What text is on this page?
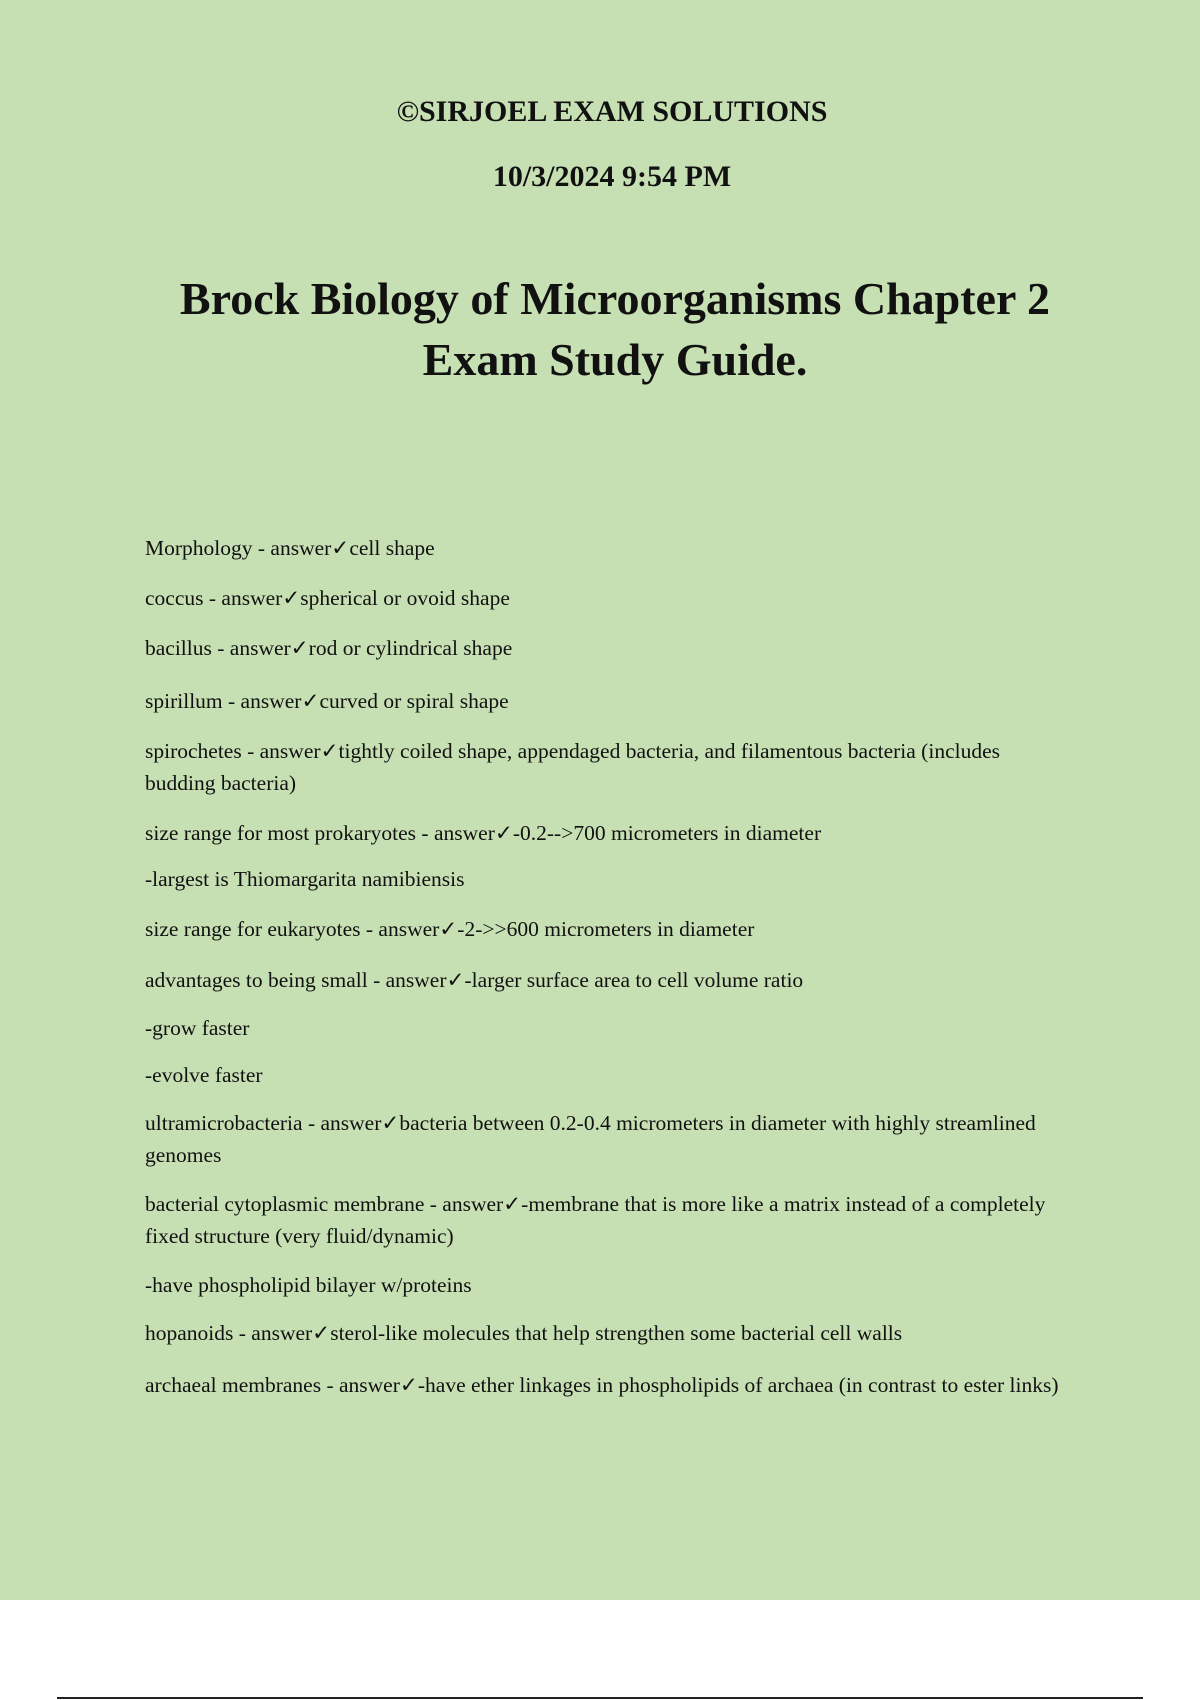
©SIRJOEL EXAM SOLUTIONS

10/3/2024 9:54 PM

Brock Biology of Microorganisms Chapter 2
Exam Study Guide.
Morphology - answer✓cell shape
coccus - answer✓spherical or ovoid shape
bacillus - answer✓rod or cylindrical shape
spirillum - answer✓curved or spiral shape
spirochetes - answer✓tightly coiled shape, appendaged bacteria, and filamentous bacteria (includes budding bacteria)
size range for most prokaryotes - answer✓-0.2-->700 micrometers in diameter
-largest is Thiomargarita namibiensis
size range for eukaryotes - answer✓-2->>600 micrometers in diameter
advantages to being small - answer✓-larger surface area to cell volume ratio
-grow faster
-evolve faster
ultramicrobacteria - answer✓bacteria between 0.2-0.4 micrometers in diameter with highly streamlined genomes
bacterial cytoplasmic membrane - answer✓-membrane that is more like a matrix instead of a completely fixed structure (very fluid/dynamic)
-have phospholipid bilayer w/proteins
hopanoids - answer✓sterol-like molecules that help strengthen some bacterial cell walls
archaeal membranes - answer✓-have ether linkages in phospholipids of archaea (in contrast to ester links)
